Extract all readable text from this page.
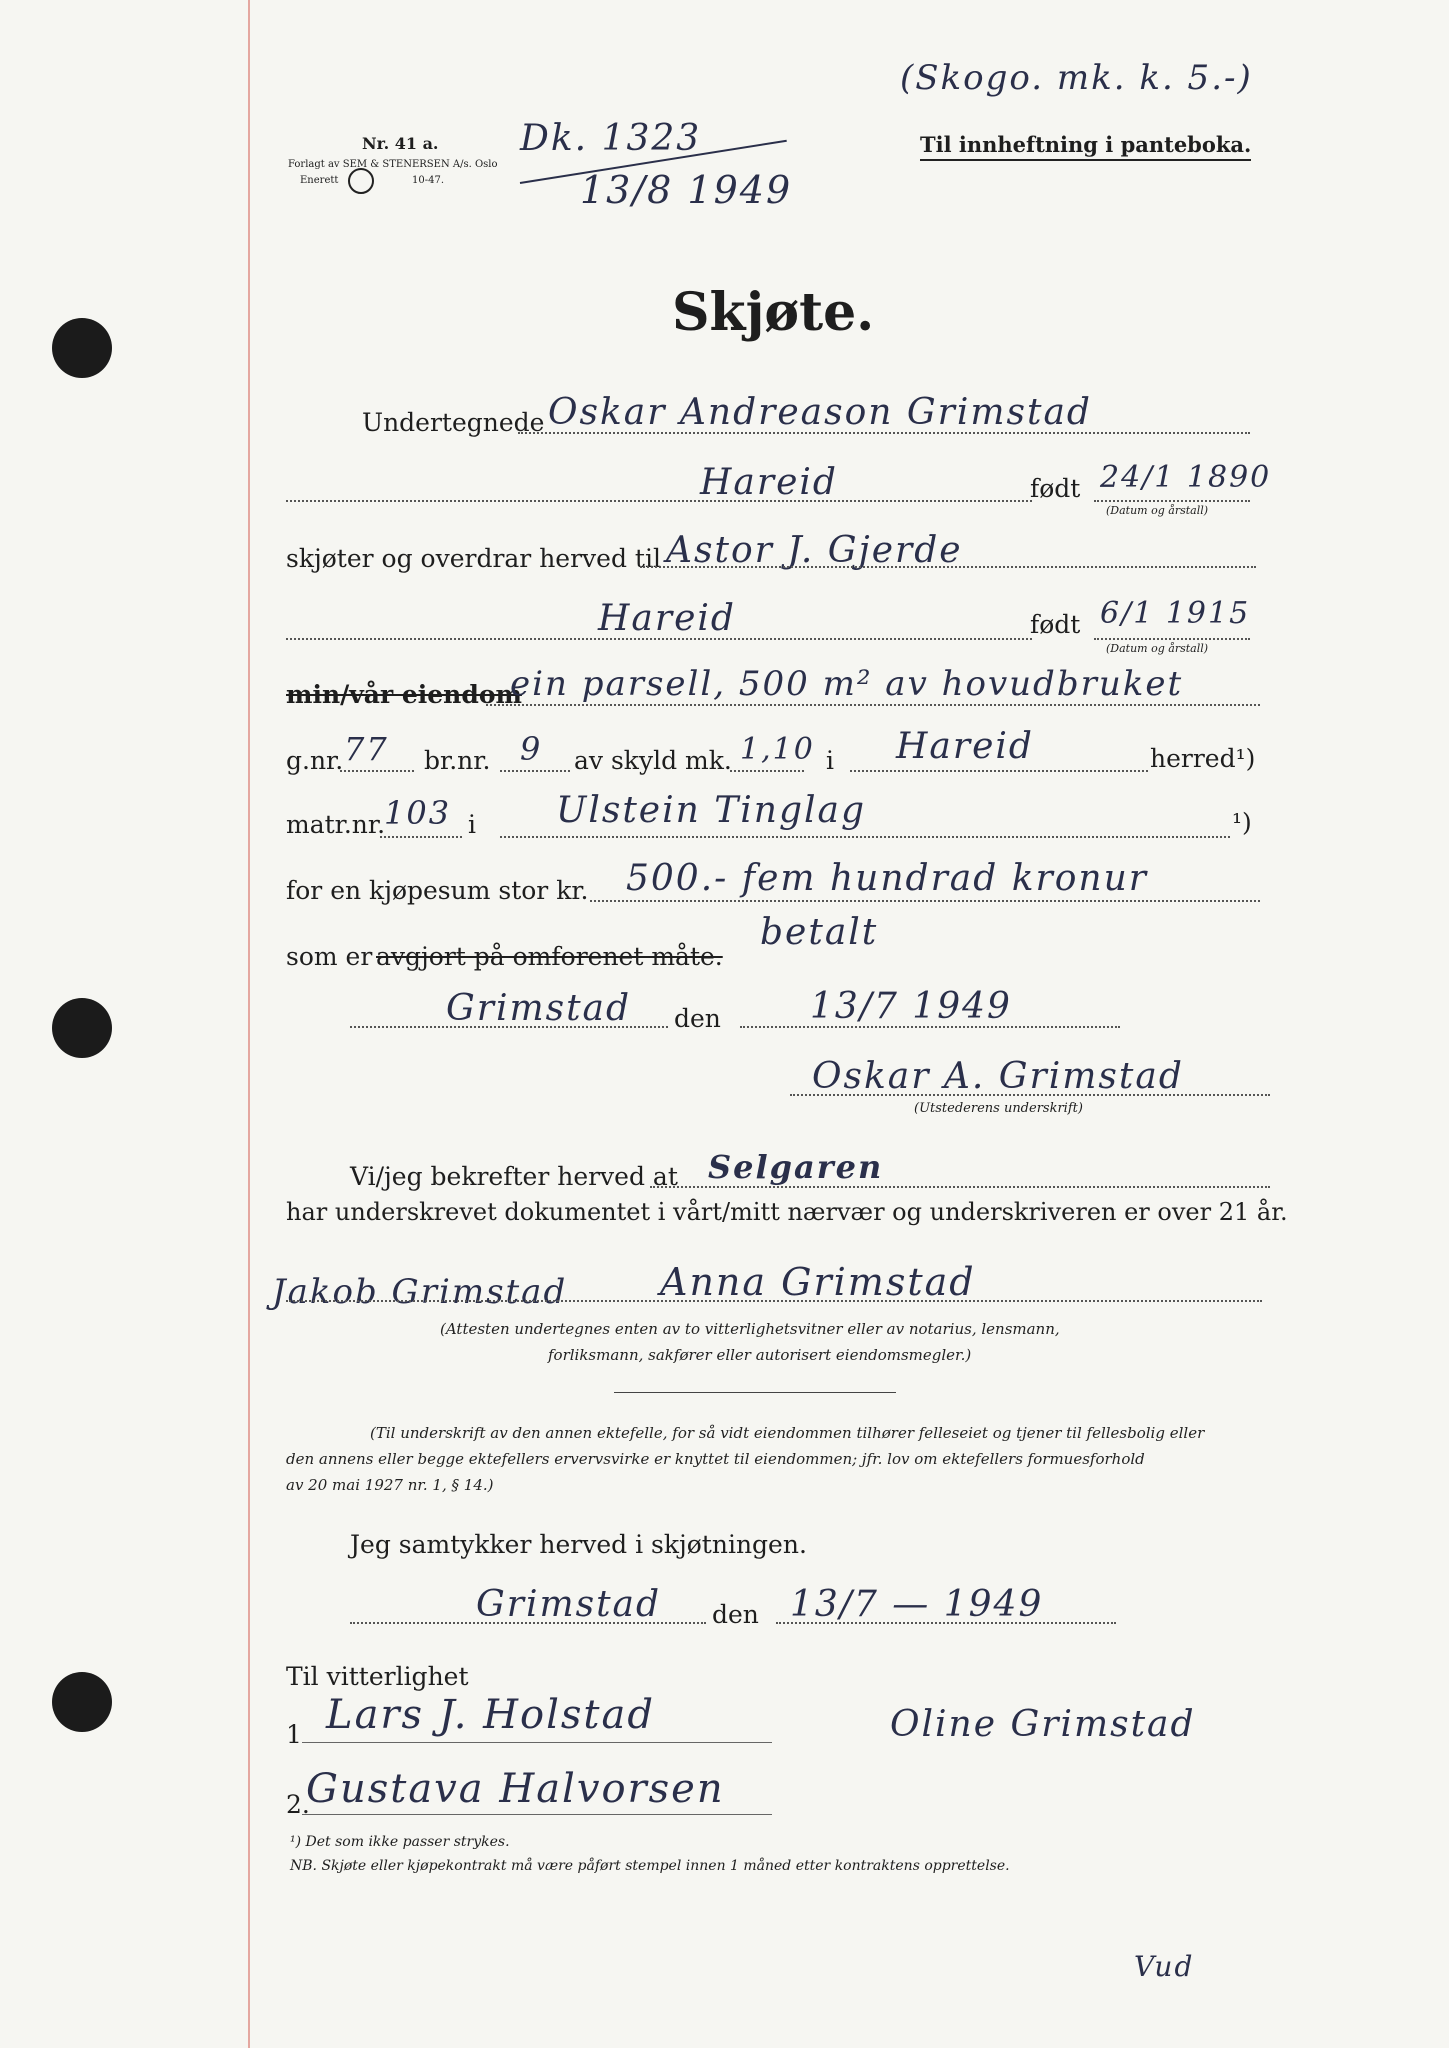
Nr. 41 a.
Forlagt av SEM & STENERSEN A/s. Oslo
Enerett	10-47.
Dk. 1323
13/8 1949
(Skogo. mk. k. 5.-)
Til innheftning i panteboka.
Skjøte.
Undertegnede Oskar Andreason Grimstad
Hareid	født 24/1 1890
(Datum og årstall)
skjøter og overdrar herved til Astor J. Gjerde
Hareid	født 6/1 1915
(Datum og årstall)
min/vår eiendom
ein parsell, 500 m² av hovudbruket
g.nr. 77 br.nr. 9 av skyld mk. 1,10 i Hareid	herred¹)
matr.nr.
103 i Ulstein Tinglag	¹)
for en kjøpesum stor kr. 500.- fem hundrad kronur
som er avgjort på omforenet måte.
betalt
Grimstad den 13/7 1949
Oskar A. Grimstad
(Utstederens underskrift)
Vi/jeg bekrefter herved at Selgaren
har underskrevet dokumentet i vårt/mitt nærvær og underskriveren er over 21 år.
Jakob Grimstad Anna Grimstad
(Attesten undertegnes enten av to vitterlighetsvitner eller av notarius, lensmann,
forliksmann, sakfører eller autorisert eiendomsmegler.)
(Til underskrift av den annen ektefelle, for så vidt eiendommen tilhører felleseiet og tjener til fellesbolig eller
den annens eller begge ektefellers ervervsvirke er knyttet til eiendommen; jfr. lov om ektefellers formuesforhold
av 20 mai 1927 nr. 1, § 14.)
Jeg samtykker herved i skjøtningen.
Grimstad den 13/7 — 1949
Til vitterlighet
1 Lars J. Holstad	Oline Grimstad
2.
Gustava Halvorsen
¹) Det som ikke passer strykes.
NB. Skjøte eller kjøpekontrakt må være påført stempel innen 1 måned etter kontraktens opprettelse.
Vud
